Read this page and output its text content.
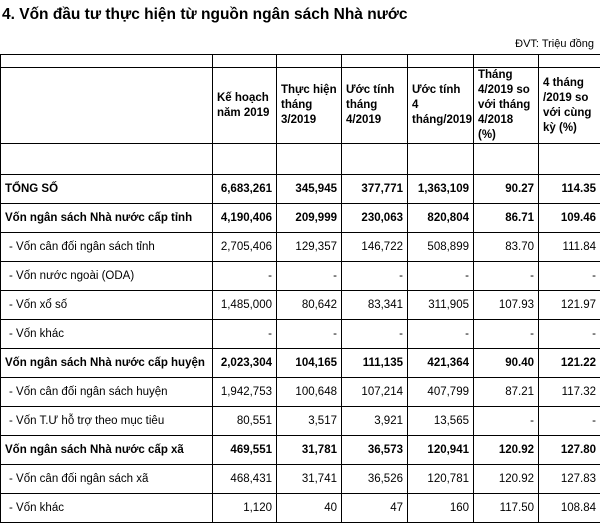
4. Vốn đầu tư thực hiện từ nguồn ngân sách Nhà nước
ĐVT: Triệu đồng

	Kế hoạch năm 2019	Thực hiện tháng 3/2019	Ước tính tháng 4/2019	Ước tính 4 tháng/2019	Tháng 4/2019 so với tháng 4/2018 (%)	4 tháng /2019 so với cùng kỳ (%)

TỔNG SỐ	6,683,261	345,945	377,771	1,363,109	90.27	114.35
Vốn ngân sách Nhà nước cấp tỉnh	4,190,406	209,999	230,063	820,804	86.71	109.46
- Vốn cân đối ngân sách tỉnh	2,705,406	129,357	146,722	508,899	83.70	111.84
- Vốn nước ngoài (ODA)	-	-	-	-	-	-
- Vốn xổ số	1,485,000	80,642	83,341	311,905	107.93	121.97
- Vốn khác	-	-	-	-	-	-
Vốn ngân sách Nhà nước cấp huyện	2,023,304	104,165	111,135	421,364	90.40	121.22
- Vốn cân đối ngân sách huyện	1,942,753	100,648	107,214	407,799	87.21	117.32
- Vốn T.Ư hỗ trợ theo mục tiêu	80,551	3,517	3,921	13,565	-	-
Vốn ngân sách Nhà nước cấp xã	469,551	31,781	36,573	120,941	120.92	127.80
- Vốn cân đối ngân sách xã	468,431	31,741	36,526	120,781	120.92	127.83
- Vốn khác	1,120	40	47	160	117.50	108.84
